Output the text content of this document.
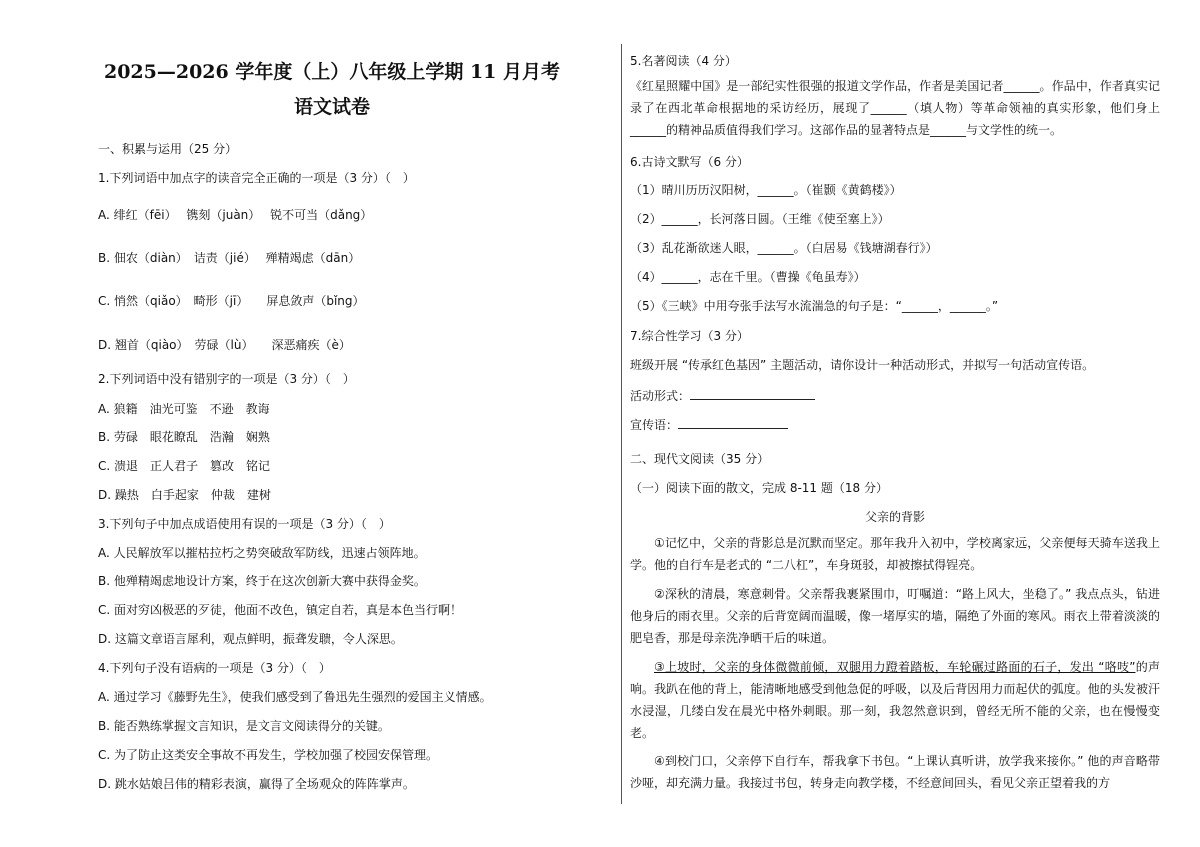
2025—2026 学年度（上）八年级上学期 11 月月考
语文试卷
一、积累与运用（25 分）
1.下列词语中加点字的读音完全正确的一项是（3 分）（　）
A. 绯红（fēi）　 镌刻（juàn）　 锐不可当（dǎng）
B. 佃农（diàn）　诘责（jié）　 殚精竭虑（dān）
C. 悄然（qiǎo）　畸形（jī）　　屏息敛声（bǐng）
D. 翘首（qiào）　劳碌（lù）　　深恶痛疾（è）
2.下列词语中没有错别字的一项是（3 分）（　）
A. 狼籍　油光可鉴　不逊　教诲
B. 劳碌　眼花瞭乱　浩瀚　娴熟
C. 溃退　正人君子　篡改　铭记
D. 躁热　白手起家　仲裁　建树
3.下列句子中加点成语使用有误的一项是（3 分）（　）
A. 人民解放军以摧枯拉朽之势突破敌军防线，迅速占领阵地。
B. 他殚精竭虑地设计方案，终于在这次创新大赛中获得金奖。
C. 面对穷凶极恶的歹徒，他面不改色，镇定自若，真是本色当行啊！
D. 这篇文章语言犀利，观点鲜明，振聋发聩，令人深思。
4.下列句子没有语病的一项是（3 分）（　）
A. 通过学习《藤野先生》，使我们感受到了鲁迅先生强烈的爱国主义情感。
B. 能否熟练掌握文言知识，是文言文阅读得分的关键。
C. 为了防止这类安全事故不再发生，学校加强了校园安保管理。
D. 跳水姑娘吕伟的精彩表演，赢得了全场观众的阵阵掌声。
5.名著阅读（4 分）
《红星照耀中国》是一部纪实性很强的报道文学作品，作者是美国记者______。作品中，作者真实记录了在西北革命根据地的采访经历，展现了______（填人物）等革命领袖的真实形象，他们身上______的精神品质值得我们学习。这部作品的显著特点是______与文学性的统一。
6.古诗文默写（6 分）
（1）晴川历历汉阳树，______。（崔颢《黄鹤楼》）
（2）______，长河落日圆。（王维《使至塞上》）
（3）乱花渐欲迷人眼，______。（白居易《钱塘湖春行》）
（4）______，志在千里。（曹操《龟虽寿》）
（5）《三峡》中用夸张手法写水流湍急的句子是：“______，______。”
7.综合性学习（3 分）
班级开展 “传承红色基因” 主题活动，请你设计一种活动形式，并拟写一句活动宣传语。
活动形式：
宣传语：
二、现代文阅读（35 分）
（一）阅读下面的散文，完成 8-11 题（18 分）
父亲的背影
①记忆中，父亲的背影总是沉默而坚定。那年我升入初中，学校离家远，父亲便每天骑车送我上学。他的自行车是老式的 “二八杠”，车身斑驳，却被擦拭得锃亮。
②深秋的清晨，寒意刺骨。父亲帮我裹紧围巾，叮嘱道：“路上风大，坐稳了。” 我点点头，钻进他身后的雨衣里。父亲的后背宽阔而温暖，像一堵厚实的墙，隔绝了外面的寒风。雨衣上带着淡淡的肥皂香，那是母亲洗净晒干后的味道。
③上坡时，父亲的身体微微前倾，双腿用力蹬着踏板，车轮碾过路面的石子，发出 “咯吱”的声响。我趴在他的背上，能清晰地感受到他急促的呼吸，以及后背因用力而起伏的弧度。他的头发被汗水浸湿，几缕白发在晨光中格外刺眼。那一刻，我忽然意识到，曾经无所不能的父亲，也在慢慢变老。
④到校门口，父亲停下自行车，帮我拿下书包。“上课认真听讲，放学我来接你。” 他的声音略带沙哑，却充满力量。我接过书包，转身走向教学楼，不经意间回头，看见父亲正望着我的方
